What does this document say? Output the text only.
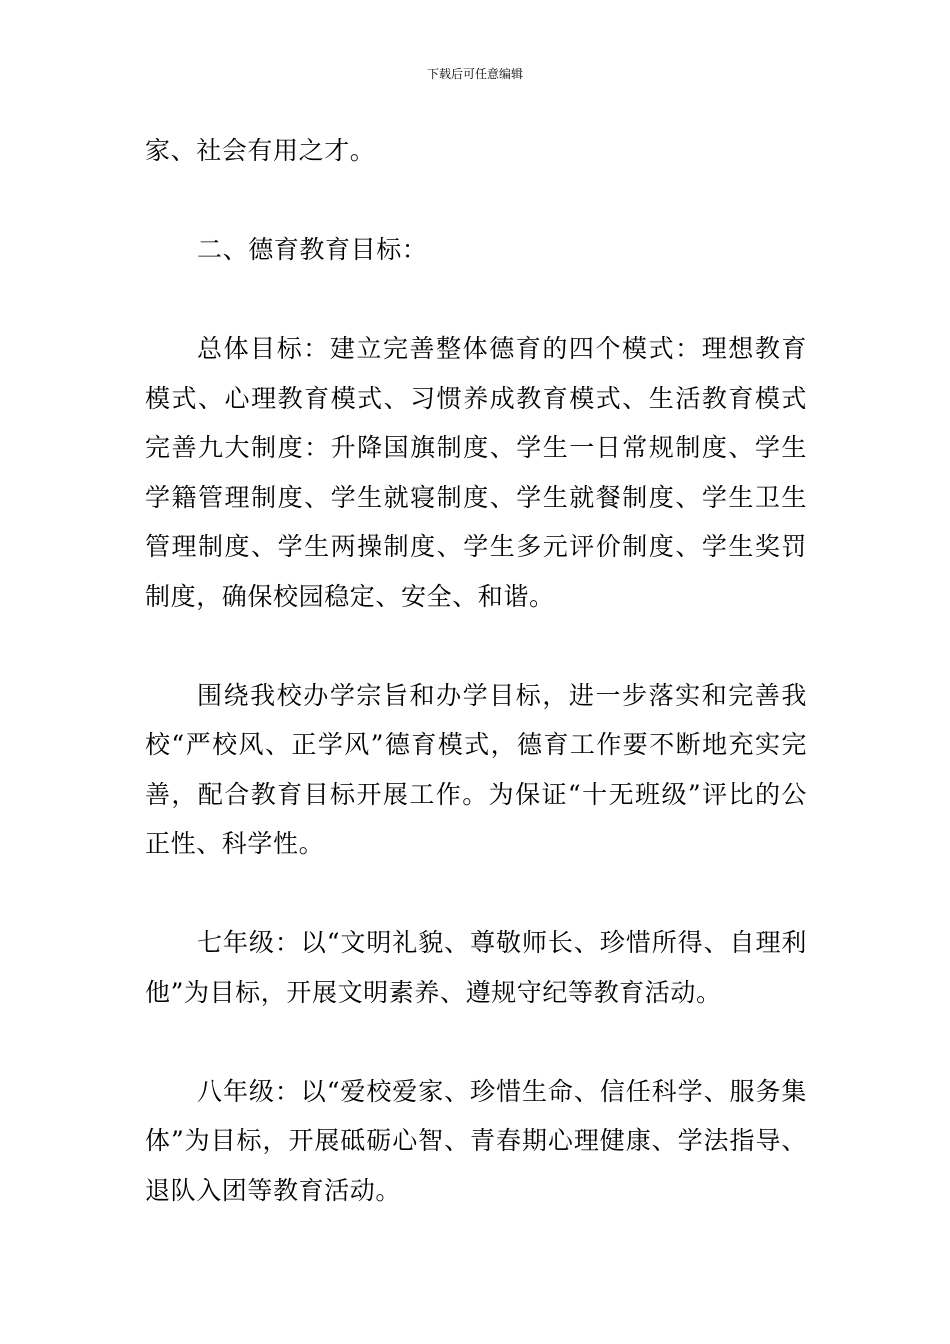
下载后可任意编辑

家、社会有用之才。

二、德育教育目标：

总体目标：建立完善整体德育的四个模式：理想教育模式、心理教育模式、习惯养成教育模式、生活教育模式完善九大制度：升降国旗制度、学生一日常规制度、学生学籍管理制度、学生就寝制度、学生就餐制度、学生卫生管理制度、学生两操制度、学生多元评价制度、学生奖罚制度，确保校园稳定、安全、和谐。

围绕我校办学宗旨和办学目标，进一步落实和完善我校“严校风、正学风”德育模式，德育工作要不断地充实完善，配合教育目标开展工作。为保证“十无班级”评比的公正性、科学性。

七年级：以“文明礼貌、尊敬师长、珍惜所得、自理利他”为目标，开展文明素养、遵规守纪等教育活动。

八年级：以“爱校爱家、珍惜生命、信任科学、服务集体”为目标，开展砥砺心智、青春期心理健康、学法指导、退队入团等教育活动。
